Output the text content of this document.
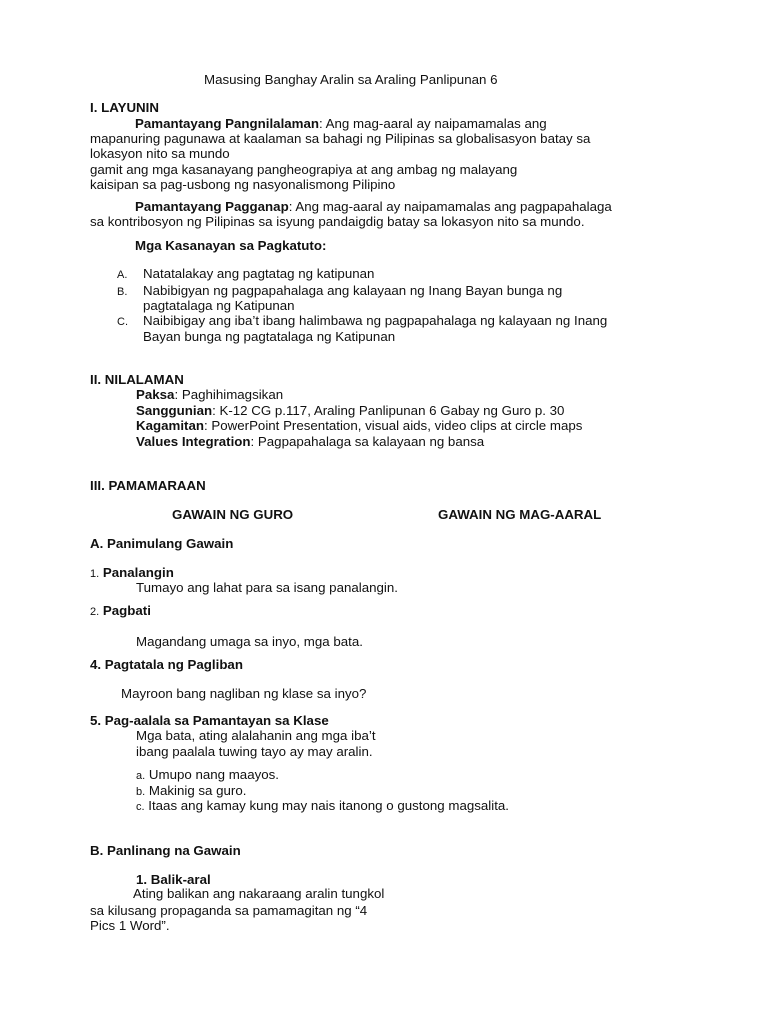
Masusing Banghay Aralin sa Araling Panlipunan 6
I. LAYUNIN
Pamantayang Pangnilalaman: Ang mag-aaral ay naipamamalas ang
mapanuring pagunawa at kaalaman sa bahagi ng Pilipinas sa globalisasyon batay sa
lokasyon nito sa mundo
gamit ang mga kasanayang pangheograpiya at ang ambag ng malayang
kaisipan sa pag-usbong ng nasyonalismong Pilipino
Pamantayang Pagganap: Ang mag-aaral ay naipamamalas ang pagpapahalaga
sa kontribosyon ng Pilipinas sa isyung pandaigdig batay sa lokasyon nito sa mundo.
Mga Kasanayan sa Pagkatuto:
A. Natatalakay ang pagtatag ng katipunan
B. Nabibigyan ng pagpapahalaga ang kalayaan ng Inang Bayan bunga ng
pagtatalaga ng Katipunan
C. Naibibigay ang iba’t ibang halimbawa ng pagpapahalaga ng kalayaan ng Inang
Bayan bunga ng pagtatalaga ng Katipunan
II. NILALAMAN
Paksa: Paghihimagsikan
Sanggunian: K-12 CG p.117, Araling Panlipunan 6 Gabay ng Guro p. 30
Kagamitan: PowerPoint Presentation, visual aids, video clips at circle maps
Values Integration: Pagpapahalaga sa kalayaan ng bansa
III. PAMAMARAAN
GAWAIN NG GURO	GAWAIN NG MAG-AARAL
A. Panimulang Gawain
1. Panalangin
Tumayo ang lahat para sa isang panalangin.
2. Pagbati
Magandang umaga sa inyo, mga bata.
4. Pagtatala ng Pagliban
Mayroon bang nagliban ng klase sa inyo?
5. Pag-aalala sa Pamantayan sa Klase
Mga bata, ating alalahanin ang mga iba’t
ibang paalala tuwing tayo ay may aralin.
a. Umupo nang maayos.
b. Makinig sa guro.
c. Itaas ang kamay kung may nais itanong o gustong magsalita.
B. Panlinang na Gawain
1. Balik-aral
Ating balikan ang nakaraang aralin tungkol
sa kilusang propaganda sa pamamagitan ng “4
Pics 1 Word”.
